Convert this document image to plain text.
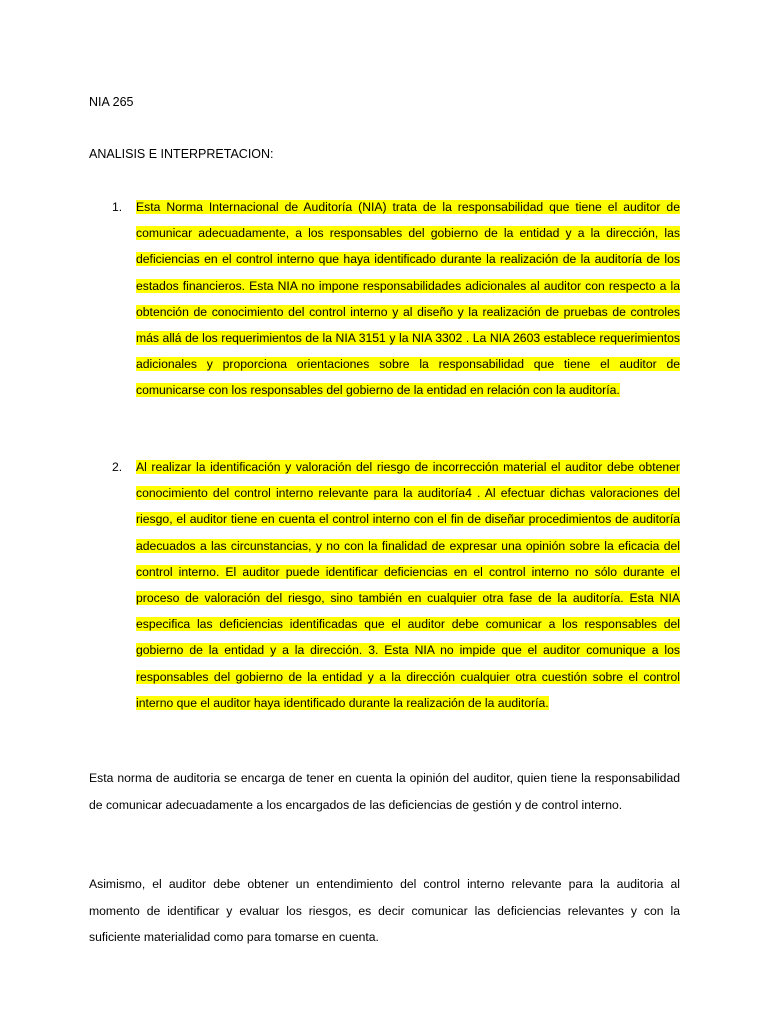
NIA 265

ANALISIS E INTERPRETACION:

1. Esta Norma Internacional de Auditoría (NIA) trata de la responsabilidad que tiene el auditor de comunicar adecuadamente, a los responsables del gobierno de la entidad y a la dirección, las deficiencias en el control interno que haya identificado durante la realización de la auditoría de los estados financieros. Esta NIA no impone responsabilidades adicionales al auditor con respecto a la obtención de conocimiento del control interno y al diseño y la realización de pruebas de controles más allá de los requerimientos de la NIA 3151 y la NIA 3302 . La NIA 2603 establece requerimientos adicionales y proporciona orientaciones sobre la responsabilidad que tiene el auditor de comunicarse con los responsables del gobierno de la entidad en relación con la auditoría.
2. Al realizar la identificación y valoración del riesgo de incorrección material el auditor debe obtener conocimiento del control interno relevante para la auditoría4 . Al efectuar dichas valoraciones del riesgo, el auditor tiene en cuenta el control interno con el fin de diseñar procedimientos de auditoría adecuados a las circunstancias, y no con la finalidad de expresar una opinión sobre la eficacia del control interno. El auditor puede identificar deficiencias en el control interno no sólo durante el proceso de valoración del riesgo, sino también en cualquier otra fase de la auditoría. Esta NIA especifica las deficiencias identificadas que el auditor debe comunicar a los responsables del gobierno de la entidad y a la dirección. 3. Esta NIA no impide que el auditor comunique a los responsables del gobierno de la entidad y a la dirección cualquier otra cuestión sobre el control interno que el auditor haya identificado durante la realización de la auditoría.

Esta norma de auditoria se encarga de tener en cuenta la opinión del auditor, quien tiene la responsabilidad de comunicar adecuadamente a los encargados de las deficiencias de gestión y de control interno.

Asimismo, el auditor debe obtener un entendimiento del control interno relevante para la auditoria al momento de identificar y evaluar los riesgos, es decir comunicar las deficiencias relevantes y con la suficiente materialidad como para tomarse en cuenta.
